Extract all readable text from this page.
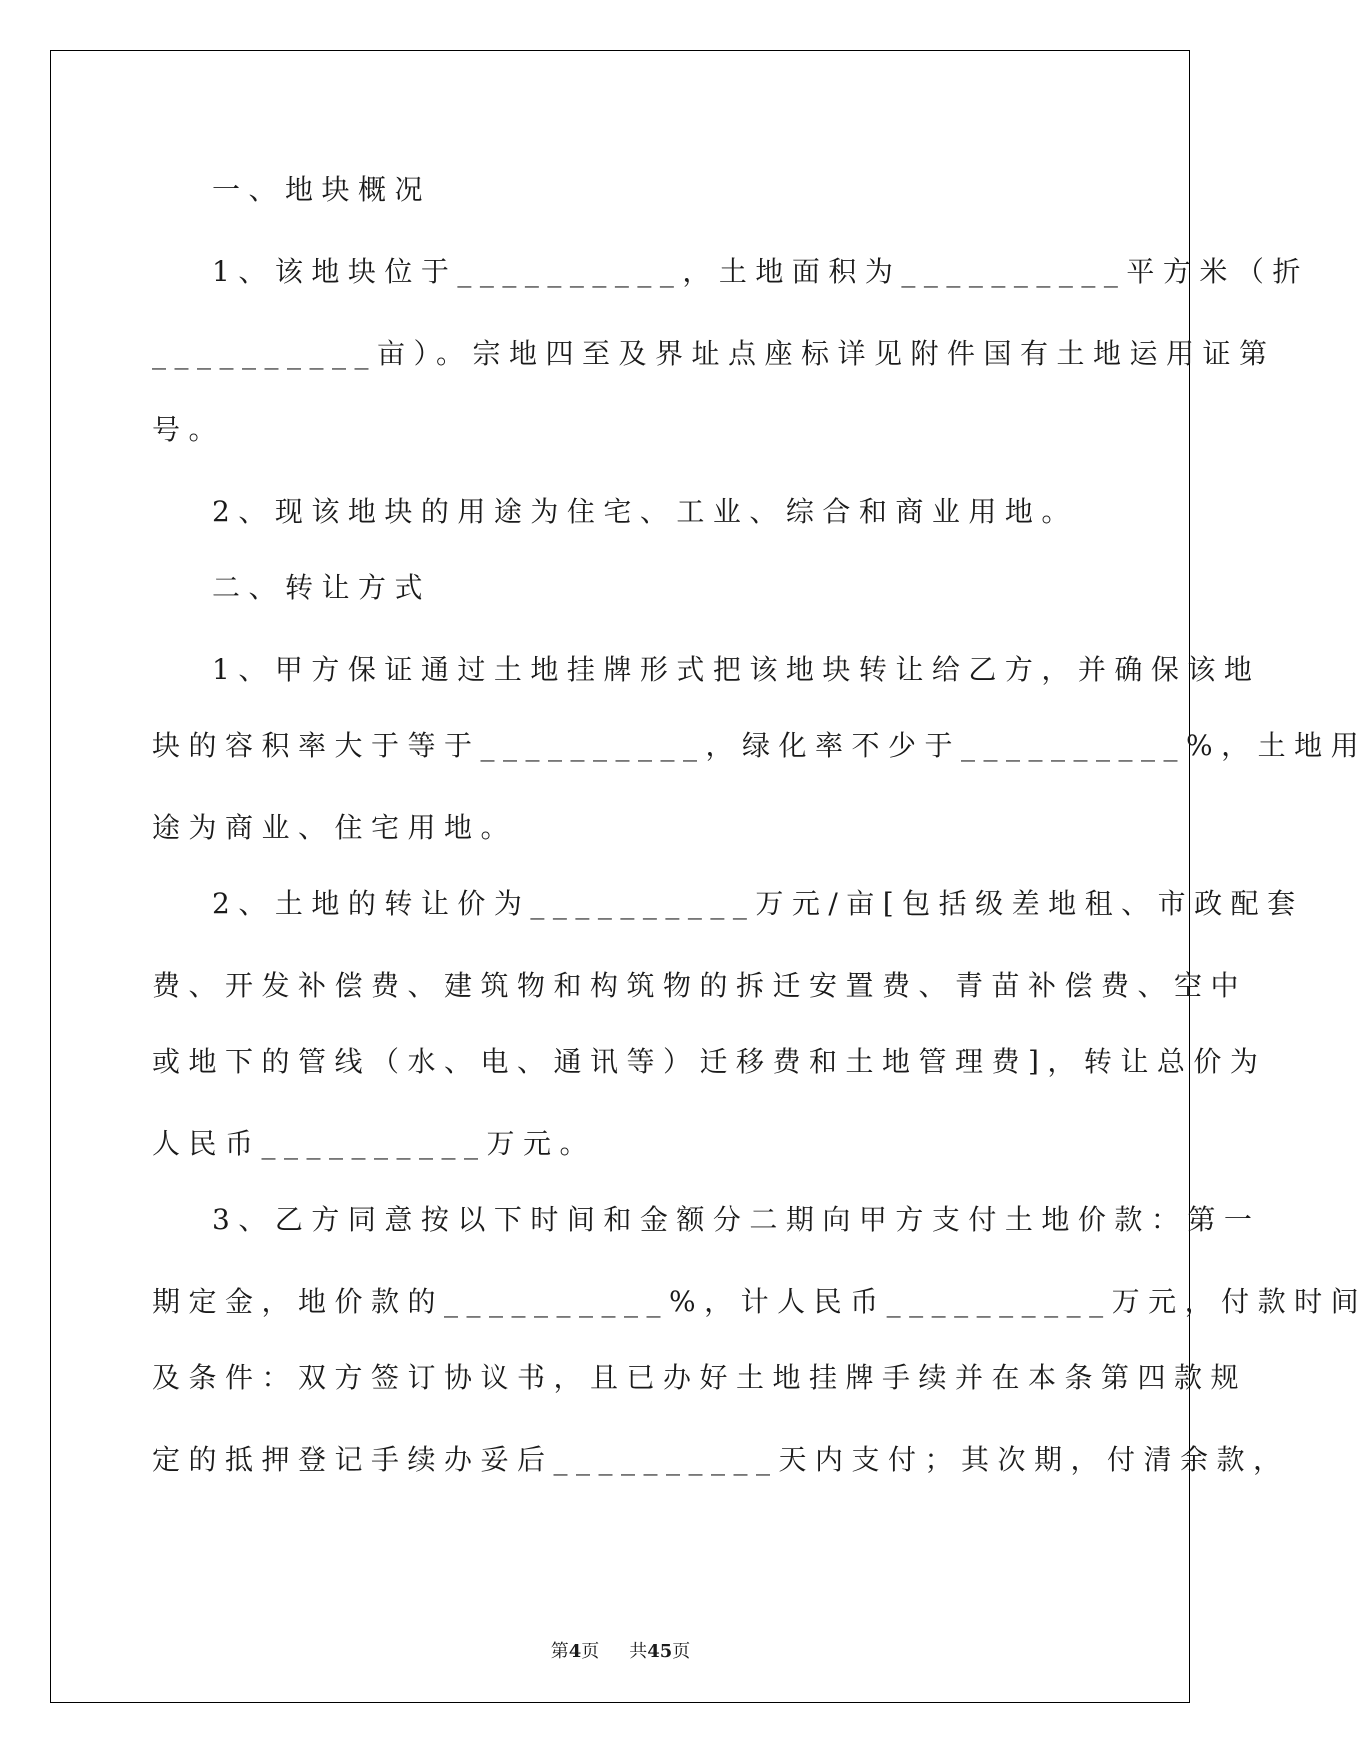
一、地块概况
1、该地块位于__________，土地面积为__________平方米（折
__________亩）。宗地四至及界址点座标详见附件国有土地运用证第
号。
2、现该地块的用途为住宅、工业、综合和商业用地。
二、转让方式
1、甲方保证通过土地挂牌形式把该地块转让给乙方，并确保该地
块的容积率大于等于__________，绿化率不少于__________%，土地用
途为商业、住宅用地。
2、土地的转让价为__________万元/亩[包括级差地租、市政配套
费、开发补偿费、建筑物和构筑物的拆迁安置费、青苗补偿费、空中
或地下的管线（水、电、通讯等）迁移费和土地管理费]，转让总价为
人民币__________万元。
3、乙方同意按以下时间和金额分二期向甲方支付土地价款：第一
期定金，地价款的__________%，计人民币__________万元，付款时间
及条件：双方签订协议书，且已办好土地挂牌手续并在本条第四款规
定的抵押登记手续办妥后__________天内支付；其次期，付清余款，
第4页 共45页
